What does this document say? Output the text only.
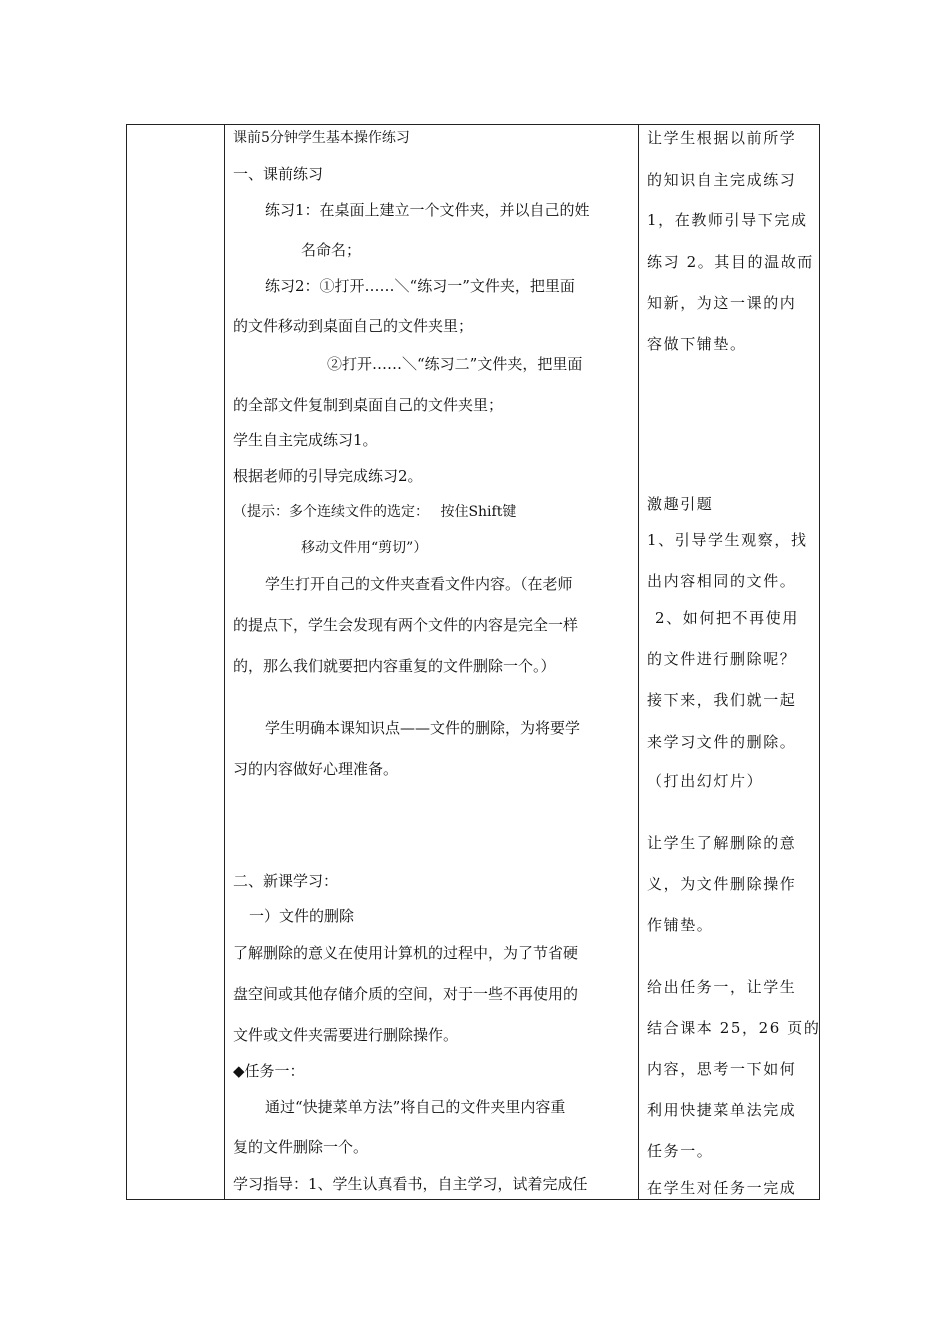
课前5分钟学生基本操作练习
一、课前练习
练习1：在桌面上建立一个文件夹，并以自己的姓
名命名；
练习2：①打开……＼“练习一”文件夹，把里面
的文件移动到桌面自己的文件夹里；
②打开……＼“练习二”文件夹，把里面
的全部文件复制到桌面自己的文件夹里；
学生自主完成练习1。
根据老师的引导完成练习2。
（提示：多个连续文件的选定：　 按住Shift键
移动文件用“剪切”）
学生打开自己的文件夹查看文件内容。（在老师
的提点下，学生会发现有两个文件的内容是完全一样
的，那么我们就要把内容重复的文件删除一个。）
学生明确本课知识点——文件的删除，为将要学
习的内容做好心理准备。
二、新课学习：
一）文件的删除
了解删除的意义在使用计算机的过程中，为了节省硬
盘空间或其他存储介质的空间，对于一些不再使用的
文件或文件夹需要进行删除操作。
◆任务一：
通过“快捷菜单方法”将自己的文件夹里内容重
复的文件删除一个。
学习指导：1、学生认真看书，自主学习，试着完成任
让学生根据以前所学
的知识自主完成练习
1，在教师引导下完成
练习 2。其目的温故而
知新，为这一课的内
容做下铺垫。
激趣引题
1、引导学生观察，找
出内容相同的文件。
2、如何把不再使用
的文件进行删除呢？
接下来，我们就一起
来学习文件的删除。
（打出幻灯片）
让学生了解删除的意
义，为文件删除操作
作铺垫。
给出任务一，让学生
结合课本 25，26 页的
内容，思考一下如何
利用快捷菜单法完成
任务一。
在学生对任务一完成
